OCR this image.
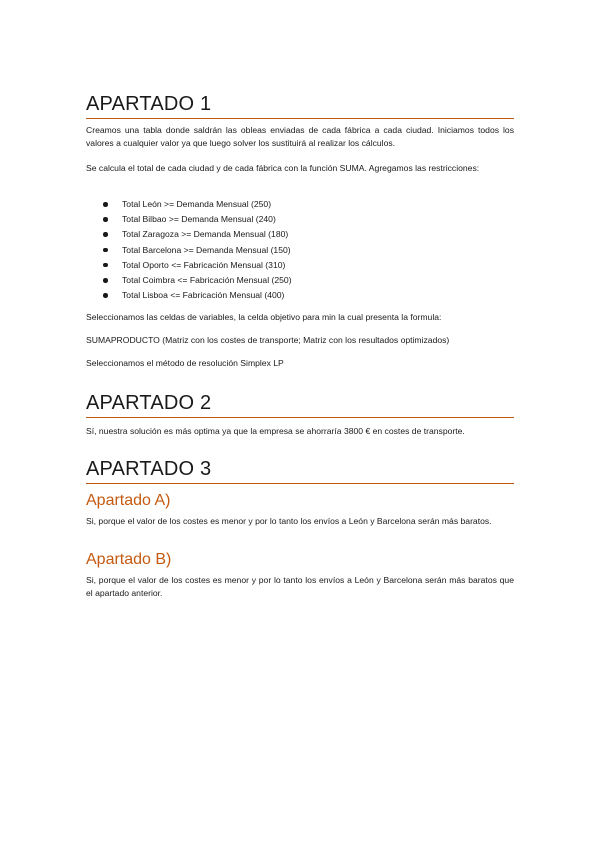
APARTADO 1

Creamos una tabla donde saldrán las obleas enviadas de cada fábrica a cada ciudad. Iniciamos todos los valores a cualquier valor ya que luego solver los sustituirá al realizar los cálculos.

Se calcula el total de cada ciudad y de cada fábrica con la función SUMA. Agregamos las restricciones:

Total León >= Demanda Mensual (250)
Total Bilbao >= Demanda Mensual (240)
Total Zaragoza >= Demanda Mensual (180)
Total Barcelona >= Demanda Mensual (150)
Total Oporto <= Fabricación Mensual (310)
Total Coimbra <= Fabricación Mensual (250)
Total Lisboa <= Fabricación Mensual (400)

Seleccionamos las celdas de variables, la celda objetivo para min la cual presenta la formula:

SUMAPRODUCTO (Matriz con los costes de transporte; Matriz con los resultados optimizados)

Seleccionamos el método de resolución Simplex LP

APARTADO 2

Sí, nuestra solución es más optima ya que la empresa se ahorraría 3800 € en costes de transporte.

APARTADO 3
Apartado A)

Si, porque el valor de los costes es menor y por lo tanto los envíos a León y Barcelona serán más baratos.

Apartado B)

Si, porque el valor de los costes es menor y por lo tanto los envíos a León y Barcelona serán más baratos que el apartado anterior.
